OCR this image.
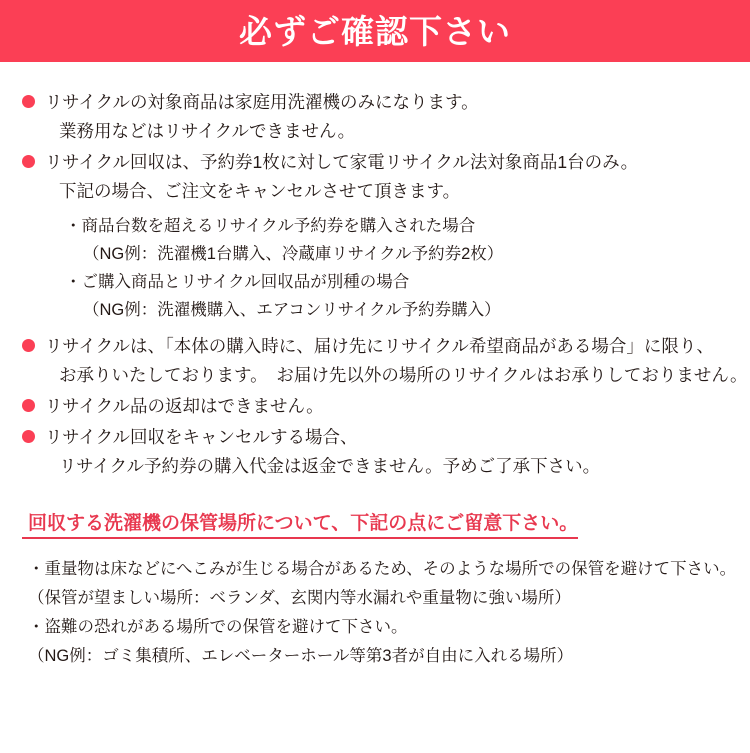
必ずご確認下さい
リサイクルの対象商品は家庭用洗濯機のみになります。
業務用などはリサイクルできません。
リサイクル回収は、予約券1枚に対して家電リサイクル法対象商品1台のみ。
下記の場合、ご注文をキャンセルさせて頂きます。
・商品台数を超えるリサイクル予約券を購入された場合
（NG例：洗濯機1台購入、冷蔵庫リサイクル予約券2枚）
・ご購入商品とリサイクル回収品が別種の場合
（NG例：洗濯機購入、エアコンリサイクル予約券購入）
リサイクルは、「本体の購入時に、届け先にリサイクル希望商品がある場合」に限り、
お承りいたしております。　お届け先以外の場所のリサイクルはお承りしておりません。
リサイクル品の返却はできません。
リサイクル回収をキャンセルする場合、
リサイクル予約券の購入代金は返金できません。予めご了承下さい。
回収する洗濯機の保管場所について、下記の点にご留意下さい。
・重量物は床などにへこみが生じる場合があるため、そのような場所での保管を避けて下さい。
（保管が望ましい場所：ベランダ、玄関内等水漏れや重量物に強い場所）
・盗難の恐れがある場所での保管を避けて下さい。
（NG例：ゴミ集積所、エレベーターホール等第3者が自由に入れる場所）
